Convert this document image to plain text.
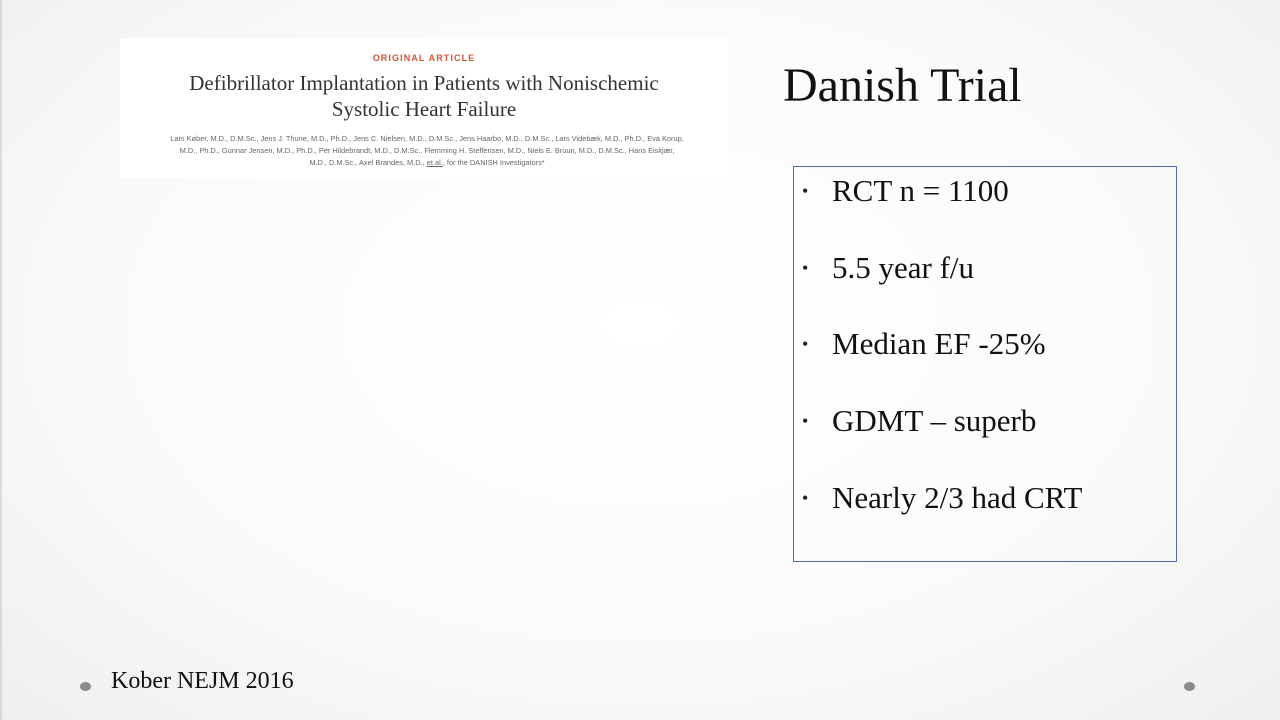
ORIGINAL ARTICLE
Defibrillator Implantation in Patients with Nonischemic
Systolic Heart Failure
Lars Køber, M.D., D.M.Sc., Jens J. Thune, M.D., Ph.D., Jens C. Nielsen, M.D., D.M.Sc., Jens Haarbo, M.D., D.M.Sc., Lars Videbæk, M.D., Ph.D., Eva Korup,
M.D., Ph.D., Gunnar Jensen, M.D., Ph.D., Per Hildebrandt, M.D., D.M.Sc., Flemming H. Steffensen, M.D., Niels E. Bruun, M.D., D.M.Sc., Hans Eiskjær,
M.D., D.M.Sc., Axel Brandes, M.D., et al., for the DANISH Investigators*
Danish Trial
• RCT n = 1100
• 5.5 year f/u
• Median EF -25%
• GDMT – superb
• Nearly 2/3 had CRT
Kober NEJM 2016
